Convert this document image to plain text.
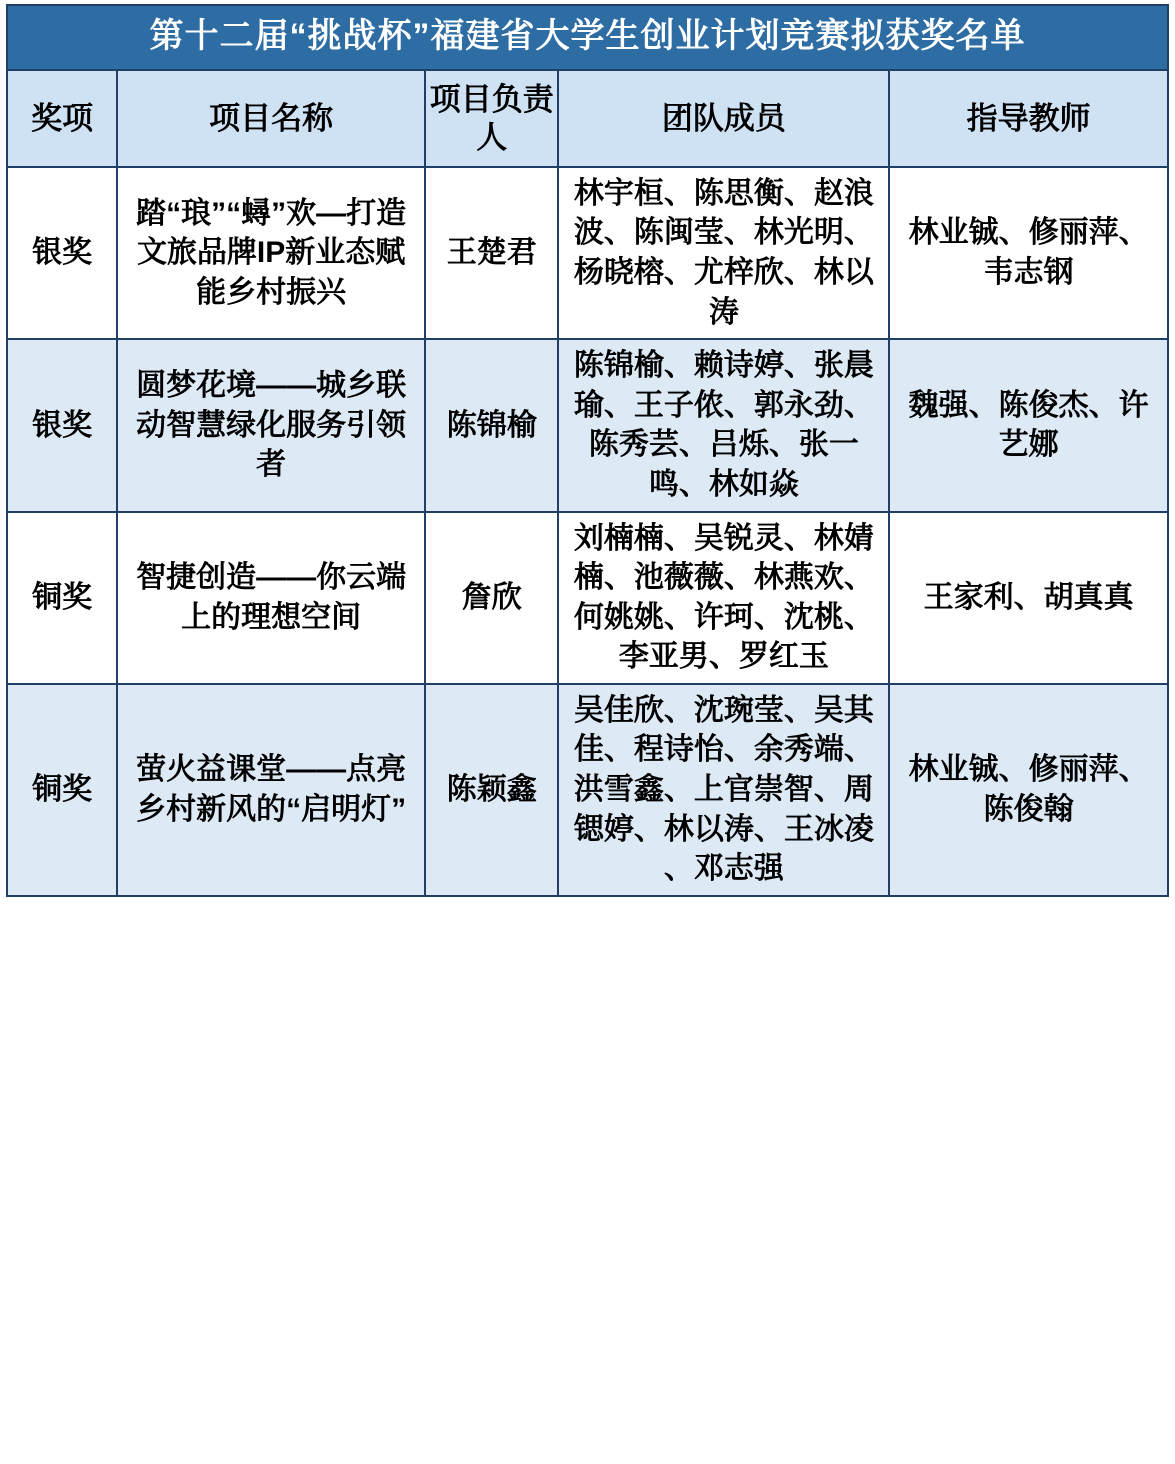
第十二届“挑战杯”福建省大学生创业计划竞赛拟获奖名单				
奖项	项目名称	项目负责人	团队成员	指导教师
银奖	踏“琅”“蟳”欢—打造文旅品牌IP新业态赋能乡村振兴	王楚君	林宇桓、陈思衡、赵浪波、陈闽莹、林光明、杨晓榕、尤梓欣、林以涛	林业铖、修丽萍、韦志钢
银奖	圆梦花境——城乡联动智慧绿化服务引领者	陈锦榆	陈锦榆、赖诗婷、张晨瑜、王子侬、郭永劲、陈秀芸、吕烁、张一鸣、林如焱	魏强、陈俊杰、许艺娜
铜奖	智捷创造——你云端上的理想空间	詹欣	刘楠楠、吴锐灵、林婧楠、池薇薇、林燕欢、何姚姚、许珂、沈桃、李亚男、罗红玉	王家利、胡真真
铜奖	萤火益课堂——点亮乡村新风的“启明灯”	陈颖鑫	吴佳欣、沈琬莹、吴其佳、程诗怡、余秀端、洪雪鑫、上官崇智、周锶婷、林以涛、王冰凌 、邓志强	林业铖、修丽萍、陈俊翰
